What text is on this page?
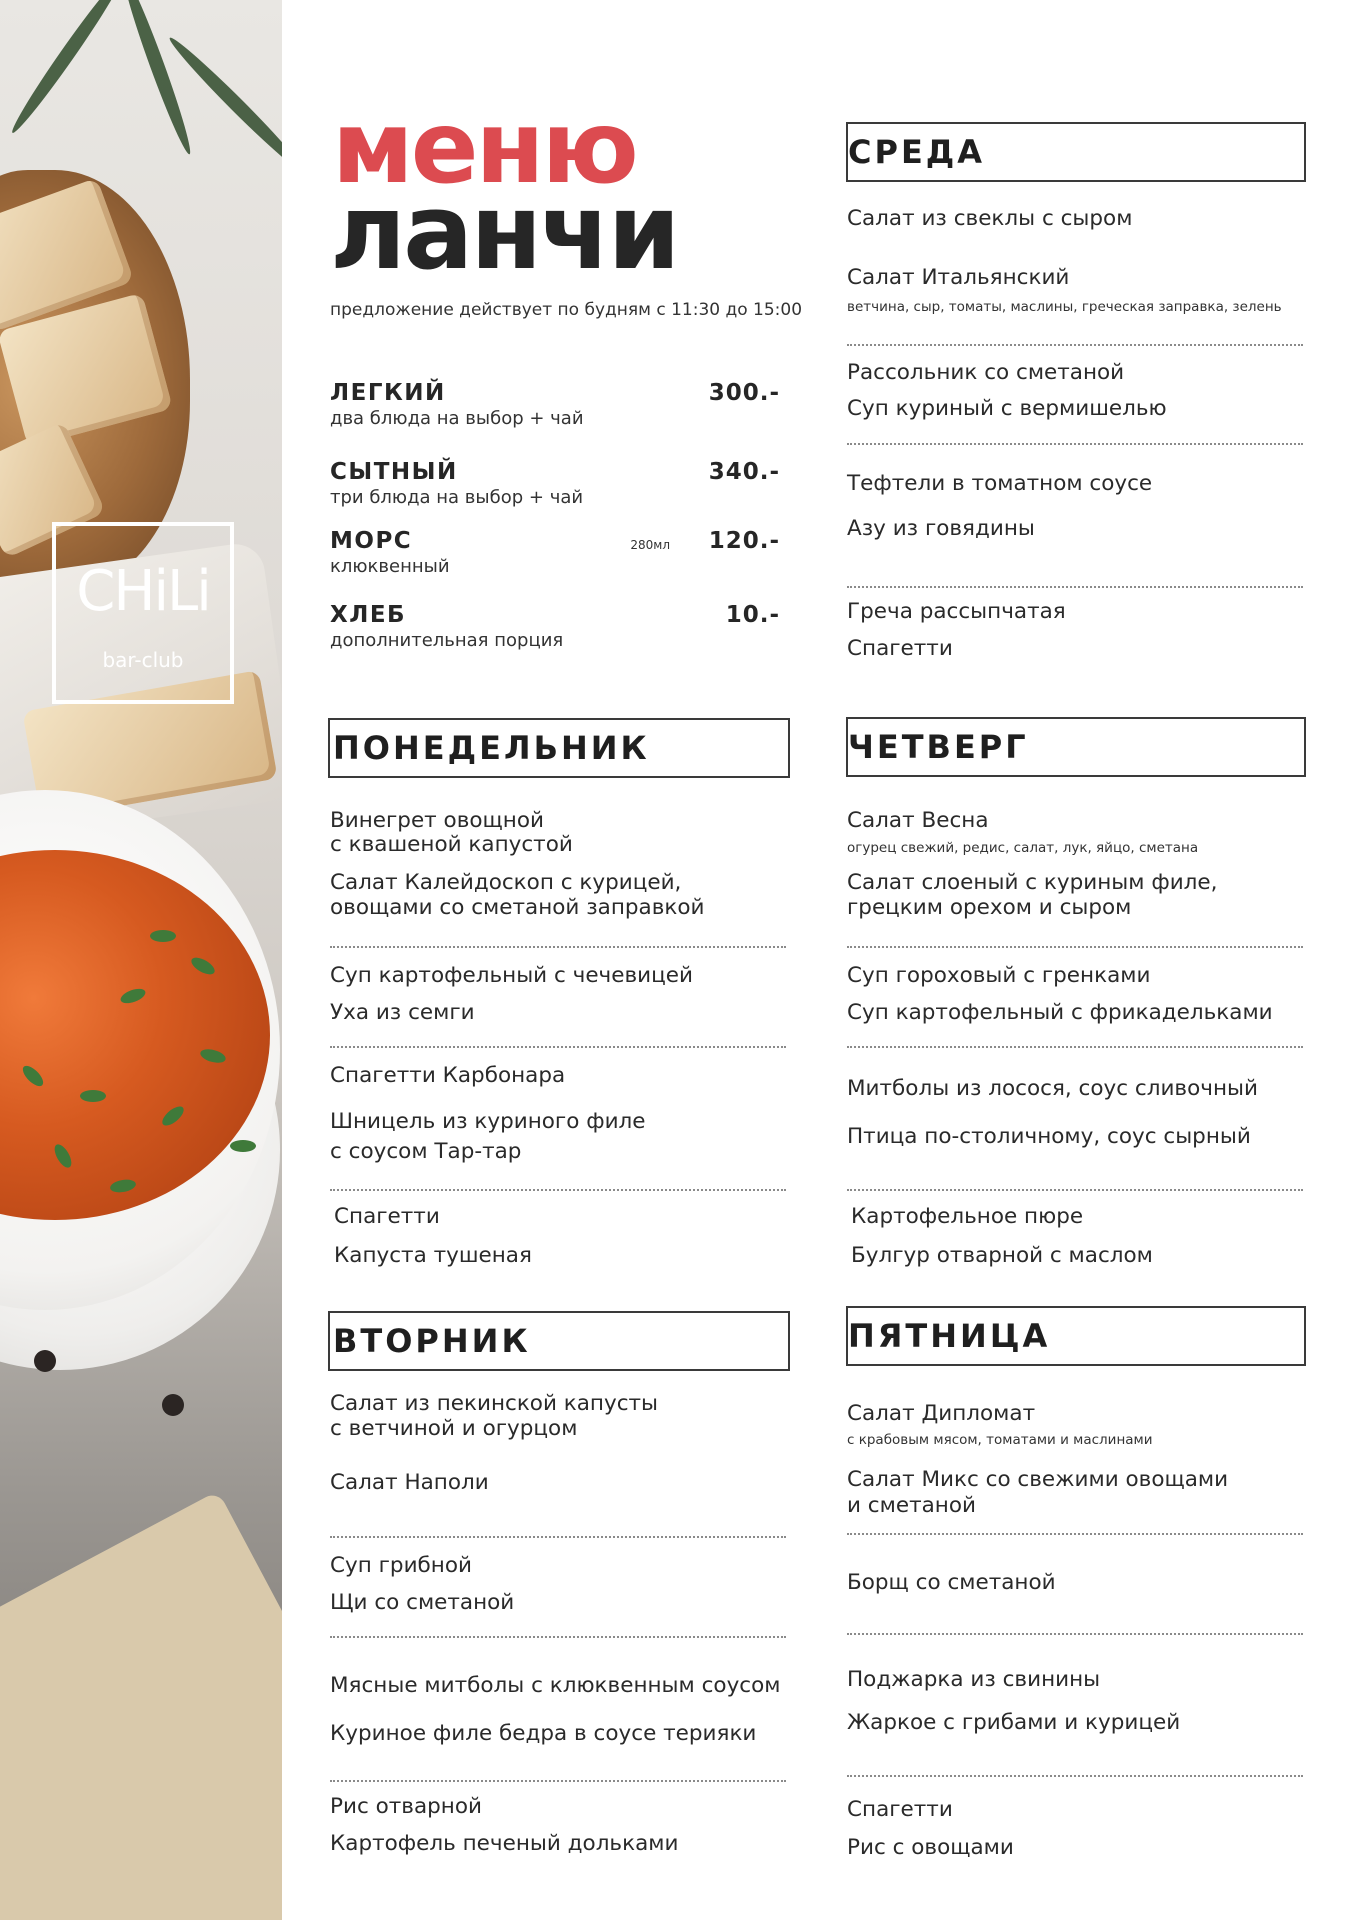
CHiLi
bar-club
меню
ланчи
предложение действует по будням с 11:30 до 15:00
ЛЕГКИЙ
два блюда на выбор + чай
300.-
СЫТНЫЙ
три блюда на выбор + чай
340.-
МОРС
клюквенный
280мл 120.-
ХЛЕБ
дополнительная порция
10.-
ПОНЕДЕЛЬНИК
Винегрет овощной
с квашеной капустой
Салат Калейдоскоп с курицей,
овощами со сметаной заправкой
Суп картофельный с чечевицей
Уха из семги
Спагетти Карбонара
Шницель из куриного филе
с соусом Тар-тар
Спагетти
Капуста тушеная
ВТОРНИК
Салат из пекинской капусты
с ветчиной и огурцом
Салат Наполи
Суп грибной
Щи со сметаной
Мясные митболы с клюквенным соусом
Куриное филе бедра в соусе терияки
Рис отварной
Картофель печеный дольками
СРЕДА
Салат из свеклы с сыром
Салат Итальянский
ветчина, сыр, томаты, маслины, греческая заправка, зелень
Рассольник со сметаной
Суп куриный с вермишелью
Тефтели в томатном соусе
Азу из говядины
Греча рассыпчатая
Спагетти
ЧЕТВЕРГ
Салат Весна
огурец свежий, редис, салат, лук, яйцо, сметана
Салат слоеный с куриным филе,
грецким орехом и сыром
Суп гороховый с гренками
Суп картофельный с фрикадельками
Митболы из лосося, соус сливочный
Птица по-столичному, соус сырный
Картофельное пюре
Булгур отварной с маслом
ПЯТНИЦА
Салат Дипломат
с крабовым мясом, томатами и маслинами
Салат Микс со свежими овощами
и сметаной
Борщ со сметаной
Поджарка из свинины
Жаркое с грибами и курицей
Спагетти
Рис с овощами
